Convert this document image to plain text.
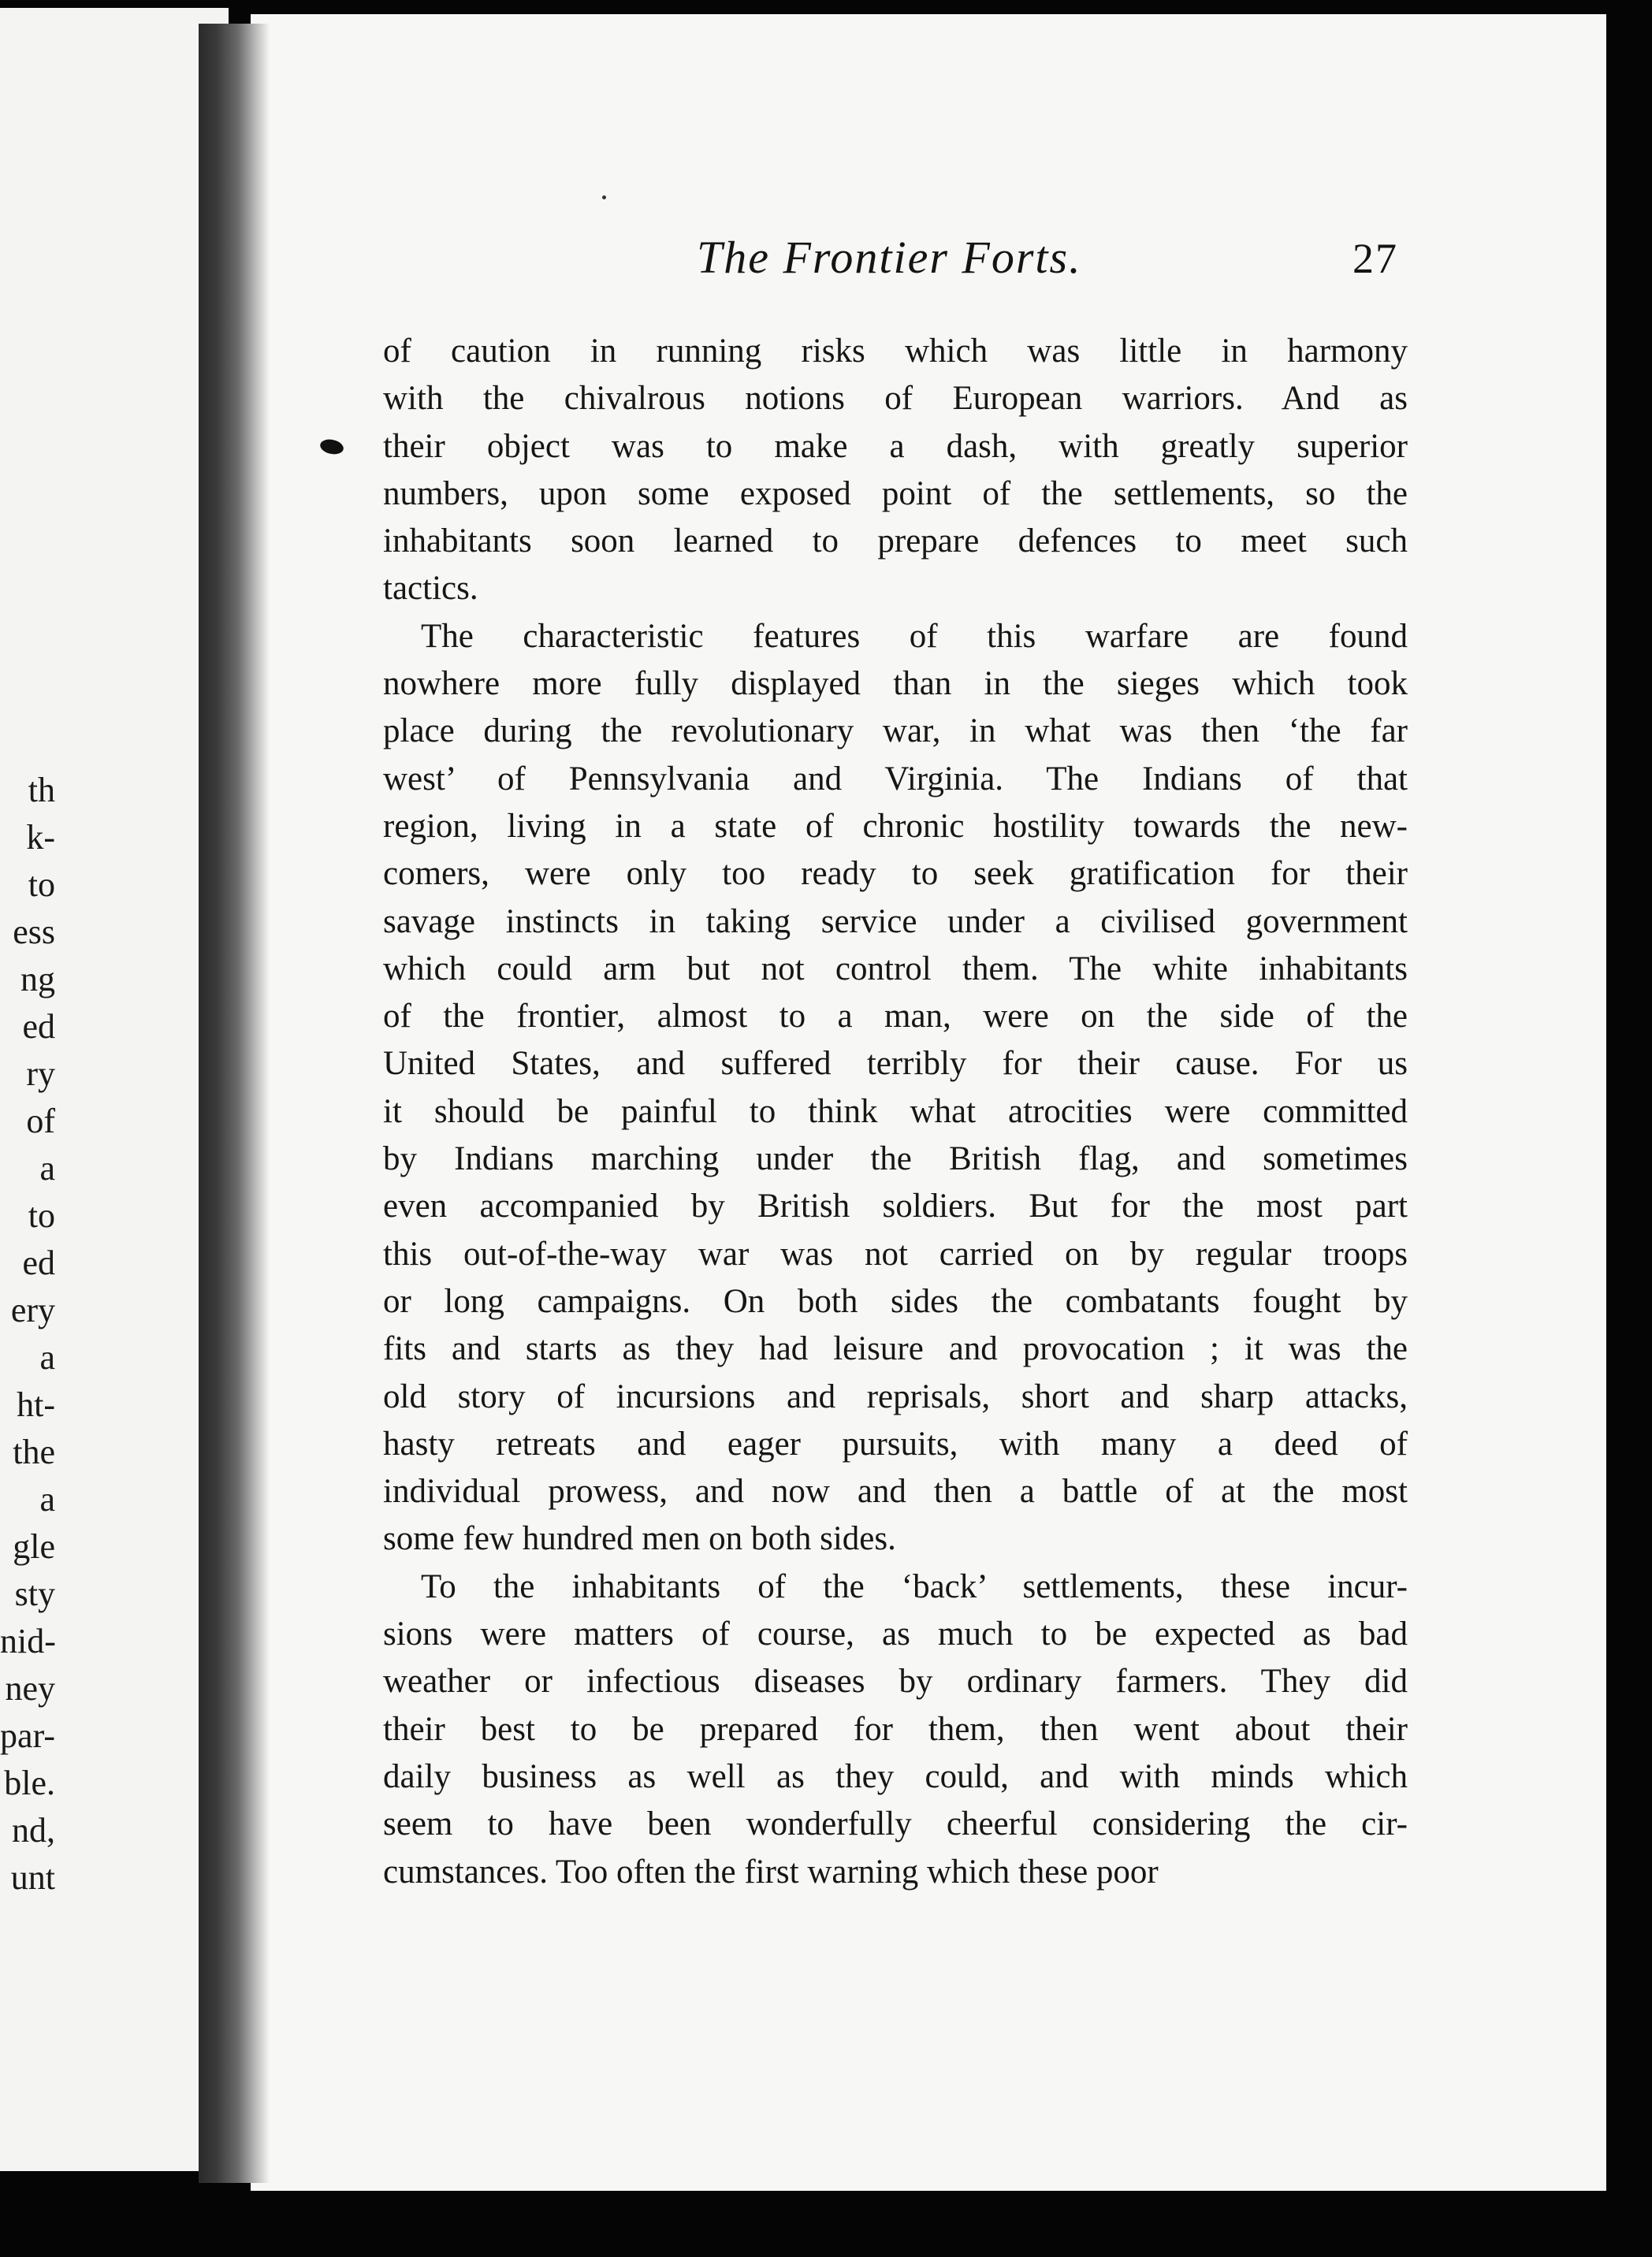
th
k-
to
ess
ng
ed
ry
of
a
to
ed
ery
a
ht-
the
a
gle
sty
nid-
ney
par-
ble.
nd,
unt
The Frontier Forts.	27
of caution in running risks which was little in harmony
with the chivalrous notions of European warriors. And as
their object was to make a dash, with greatly superior
numbers, upon some exposed point of the settlements, so the
inhabitants soon learned to prepare defences to meet such
tactics.
The characteristic features of this warfare are found
nowhere more fully displayed than in the sieges which took
place during the revolutionary war, in what was then ‘the far
west’ of Pennsylvania and Virginia. The Indians of that
region, living in a state of chronic hostility towards the new-
comers, were only too ready to seek gratification for their
savage instincts in taking service under a civilised government
which could arm but not control them. The white inhabitants
of the frontier, almost to a man, were on the side of the
United States, and suffered terribly for their cause. For us
it should be painful to think what atrocities were committed
by Indians marching under the British flag, and sometimes
even accompanied by British soldiers. But for the most part
this out-of-the-way war was not carried on by regular troops
or long campaigns. On both sides the combatants fought by
fits and starts as they had leisure and provocation ; it was the
old story of incursions and reprisals, short and sharp attacks,
hasty retreats and eager pursuits, with many a deed of
individual prowess, and now and then a battle of at the most
some few hundred men on both sides.
To the inhabitants of the ‘back’ settlements, these incur-
sions were matters of course, as much to be expected as bad
weather or infectious diseases by ordinary farmers. They did
their best to be prepared for them, then went about their
daily business as well as they could, and with minds which
seem to have been wonderfully cheerful considering the cir-
cumstances. Too often the first warning which these poor
